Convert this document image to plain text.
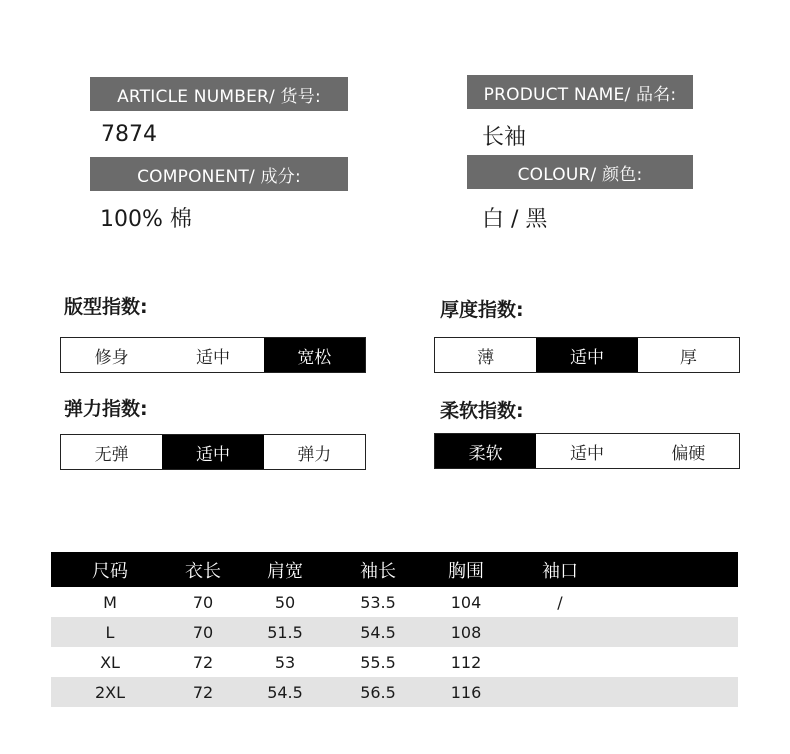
ARTICLE NUMBER/ 货号:
7874
PRODUCT NAME/ 品名:
长袖
COMPONENT/ 成分:
100% 棉
COLOUR/ 颜色:
白 / 黑
版型指数:
修身	适中	宽松
厚度指数:
薄	适中	厚
弹力指数:
无弹	适中	弹力
柔软指数:
柔软	适中	偏硬
尺码	衣长	肩宽	袖长	胸围	袖口
M	70	50	53.5	104	/
L	70	51.5	54.5	108
XL	72	53	55.5	112
2XL	72	54.5	56.5	116
